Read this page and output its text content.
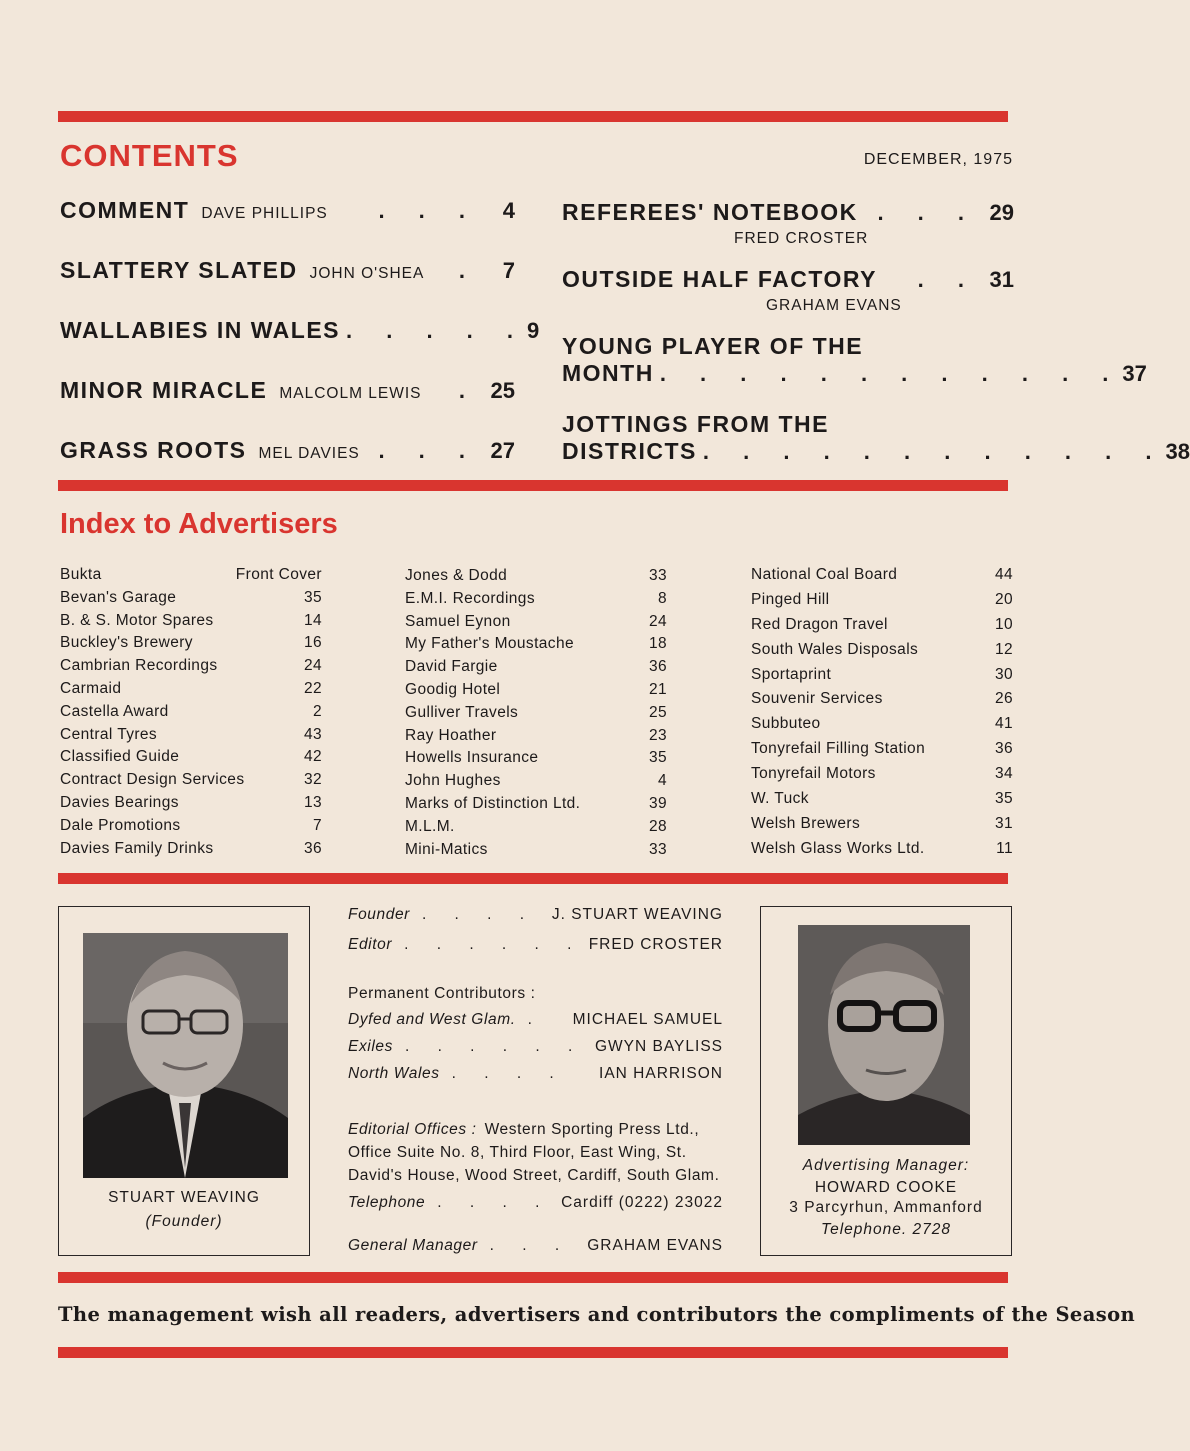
CONTENTS	DECEMBER, 1975
COMMENT DAVE PHILLIPS	. . .	4
SLATTERY SLATED JOHN O'SHEA	.	7
WALLABIES IN WALES . . . . . 9
MINOR MIRACLE MALCOLM LEWIS	. 25
GRASS ROOTS MEL DAVIES . . . 27
REFEREES' NOTEBOOK . . . 29
FRED CROSTER
OUTSIDE HALF FACTORY	. . 31
GRAHAM EVANS
YOUNG PLAYER OF THE
MONTH . . . . . . . . . . . . 37
JOTTINGS FROM THE
DISTRICTS . . . . . . . . . . . . 38
Index to Advertisers
Bukta	Front Cover
Bevan's Garage	35
B. & S. Motor Spares	14
Buckley's Brewery	16
Cambrian Recordings	24
Carmaid	22
Castella Award	2
Central Tyres	43
Classified Guide	42
Contract Design Services	32
Davies Bearings	13
Dale Promotions	7
Davies Family Drinks	36
Jones & Dodd	33
E.M.I. Recordings	8
Samuel Eynon	24
My Father's Moustache	18
David Fargie	36
Goodig Hotel	21
Gulliver Travels	25
Ray Hoather	23
Howells Insurance	35
John Hughes	4
Marks of Distinction Ltd.	39
M.L.M.	28
Mini-Matics	33
National Coal Board	44
Pinged Hill	20
Red Dragon Travel	10
South Wales Disposals	12
Sportaprint	30
Souvenir Services	26
Subbuteo	41
Tonyrefail Filling Station	36
Tonyrefail Motors	34
W. Tuck	35
Welsh Brewers	31
Welsh Glass Works Ltd.	11
STUART WEAVING
(Founder)
Founder . . . .	J. STUART WEAVING
Editor . . . . . . FRED CROSTER
Permanent Contributors :
Dyfed and West Glam. .	MICHAEL SAMUEL
Exiles . . . . . . GWYN BAYLISS
North Wales . . . .	IAN HARRISON
Editorial Offices : Western Sporting Press Ltd.,
Office Suite No. 8, Third Floor, East Wing, St.
David's House, Wood Street, Cardiff, South Glam.
Telephone . . . . Cardiff (0222) 23022
General Manager . . .	GRAHAM EVANS
Advertising Manager:
HOWARD COOKE
3 Parcyrhun, Ammanford
Telephone. 2728
The management wish all readers, advertisers and contributors the compliments of the Season
